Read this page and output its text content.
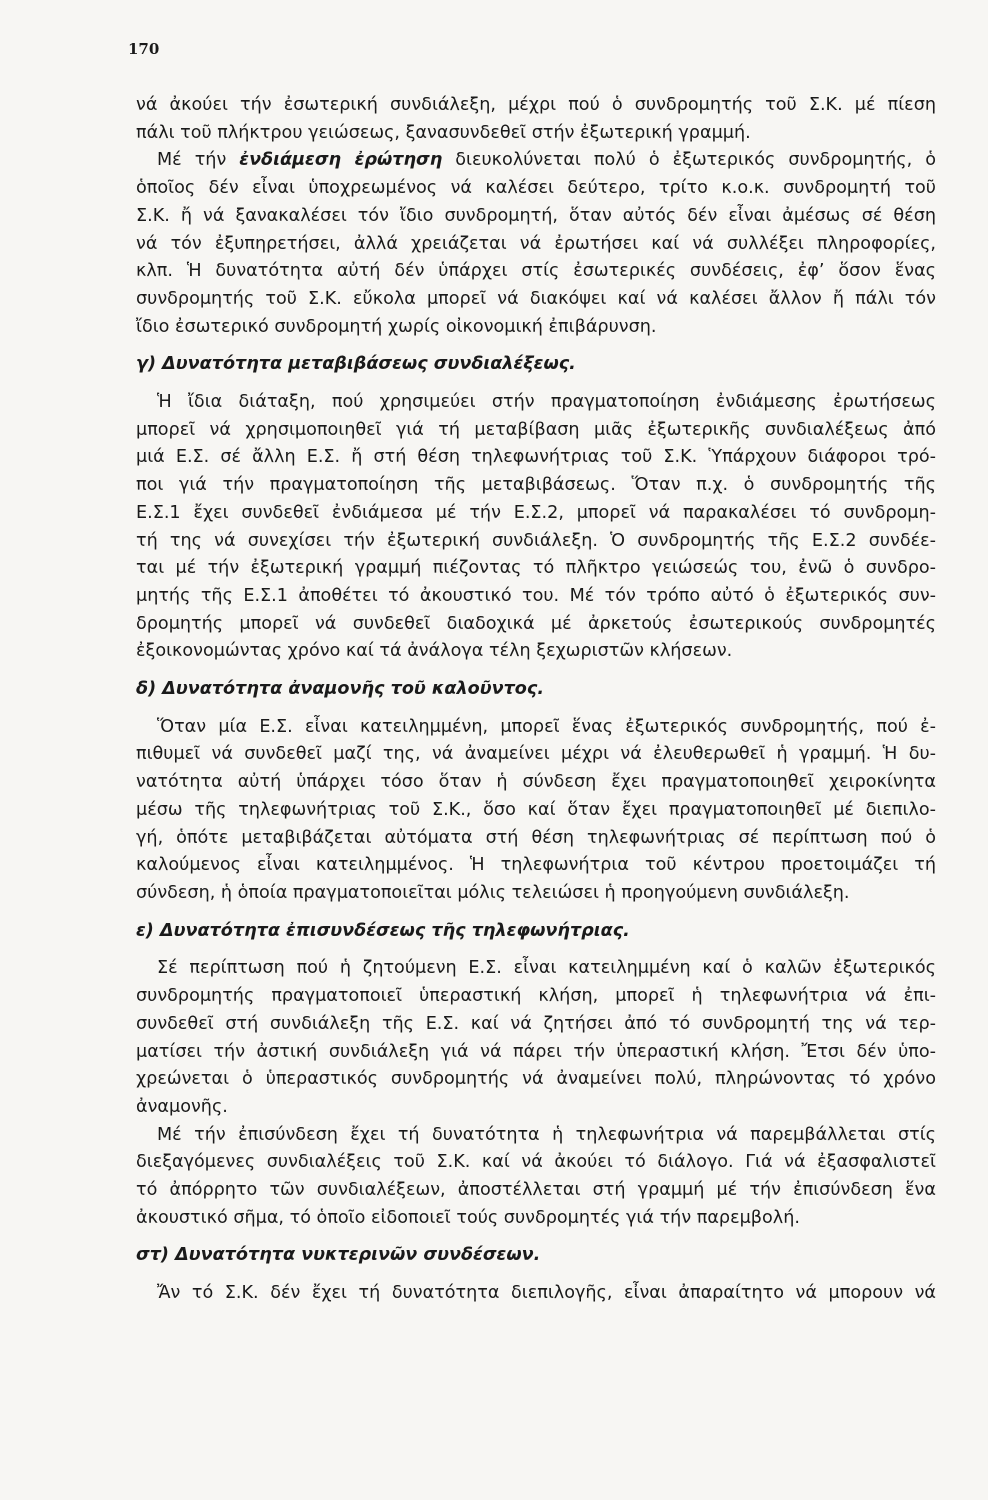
170
νά ἀκούει τήν ἐσωτερική συνδιάλεξη, μέχρι πού ὁ συνδρομητής τοῦ Σ.Κ. μέ πίεση
πάλι τοῦ πλήκτρου γειώσεως, ξανασυνδεθεῖ στήν ἐξωτερική γραμμή.
Μέ τήν ἐνδιάμεση ἐρώτηση διευκολύνεται πολύ ὁ ἐξωτερικός συνδρομητής, ὁ
ὁποῖος δέν εἶναι ὑποχρεωμένος νά καλέσει δεύτερο, τρίτο κ.ο.κ. συνδρομητή τοῦ
Σ.Κ. ἤ νά ξανακαλέσει τόν ἴδιο συνδρομητή, ὅταν αὐτός δέν εἶναι ἀμέσως σέ θέση
νά τόν ἐξυπηρετήσει, ἀλλά χρειάζεται νά ἐρωτήσει καί νά συλλέξει πληροφορίες,
κλπ. Ἡ δυνατότητα αὐτή δέν ὑπάρχει στίς ἐσωτερικές συνδέσεις, ἐφ’ ὅσον ἕνας
συνδρομητής τοῦ Σ.Κ. εὔκολα μπορεῖ νά διακόψει καί νά καλέσει ἄλλον ἤ πάλι τόν
ἴδιο ἐσωτερικό συνδρομητή χωρίς οἰκονομική ἐπιβάρυνση.
γ) Δυνατότητα μεταβιβάσεως συνδιαλέξεως.
Ἡ ἴδια διάταξη, πού χρησιμεύει στήν πραγματοποίηση ἐνδιάμεσης ἐρωτήσεως
μπορεῖ νά χρησιμοποιηθεῖ γιά τή μεταβίβαση μιᾶς ἐξωτερικῆς συνδιαλέξεως ἀπό
μιά Ε.Σ. σέ ἄλλη Ε.Σ. ἤ στή θέση τηλεφωνήτριας τοῦ Σ.Κ. Ὑπάρχουν διάφοροι τρό-
ποι γιά τήν πραγματοποίηση τῆς μεταβιβάσεως. Ὅταν π.χ. ὁ συνδρομητής τῆς
Ε.Σ.1 ἔχει συνδεθεῖ ἐνδιάμεσα μέ τήν Ε.Σ.2, μπορεῖ νά παρακαλέσει τό συνδρομη-
τή της νά συνεχίσει τήν ἐξωτερική συνδιάλεξη. Ὁ συνδρομητής τῆς Ε.Σ.2 συνδέε-
ται μέ τήν ἐξωτερική γραμμή πιέζοντας τό πλῆκτρο γειώσεώς του, ἐνῶ ὁ συνδρο-
μητής τῆς Ε.Σ.1 ἀποθέτει τό ἀκουστικό του. Μέ τόν τρόπο αὐτό ὁ ἐξωτερικός συν-
δρομητής μπορεῖ νά συνδεθεῖ διαδοχικά μέ ἀρκετούς ἐσωτερικούς συνδρομητές
ἐξοικονομώντας χρόνο καί τά ἀνάλογα τέλη ξεχωριστῶν κλήσεων.
δ) Δυνατότητα ἀναμονῆς τοῦ καλοῦντος.
Ὅταν μία Ε.Σ. εἶναι κατειλημμένη, μπορεῖ ἕνας ἐξωτερικός συνδρομητής, πού ἐ-
πιθυμεῖ νά συνδεθεῖ μαζί της, νά ἀναμείνει μέχρι νά ἐλευθερωθεῖ ἡ γραμμή. Ἡ δυ-
νατότητα αὐτή ὑπάρχει τόσο ὅταν ἡ σύνδεση ἔχει πραγματοποιηθεῖ χειροκίνητα
μέσω τῆς τηλεφωνήτριας τοῦ Σ.Κ., ὅσο καί ὅταν ἔχει πραγματοποιηθεῖ μέ διεπιλο-
γή, ὁπότε μεταβιβάζεται αὐτόματα στή θέση τηλεφωνήτριας σέ περίπτωση πού ὁ
καλούμενος εἶναι κατειλημμένος. Ἡ τηλεφωνήτρια τοῦ κέντρου προετοιμάζει τή
σύνδεση, ἡ ὁποία πραγματοποιεῖται μόλις τελειώσει ἡ προηγούμενη συνδιάλεξη.
ε) Δυνατότητα ἐπισυνδέσεως τῆς τηλεφωνήτριας.
Σέ περίπτωση πού ἡ ζητούμενη Ε.Σ. εἶναι κατειλημμένη καί ὁ καλῶν ἐξωτερικός
συνδρομητής πραγματοποιεῖ ὑπεραστική κλήση, μπορεῖ ἡ τηλεφωνήτρια νά ἐπι-
συνδεθεῖ στή συνδιάλεξη τῆς Ε.Σ. καί νά ζητήσει ἀπό τό συνδρομητή της νά τερ-
ματίσει τήν ἀστική συνδιάλεξη γιά νά πάρει τήν ὑπεραστική κλήση. Ἔτσι δέν ὑπο-
χρεώνεται ὁ ὑπεραστικός συνδρομητής νά ἀναμείνει πολύ, πληρώνοντας τό χρόνο
ἀναμονῆς.
Μέ τήν ἐπισύνδεση ἔχει τή δυνατότητα ἡ τηλεφωνήτρια νά παρεμβάλλεται στίς
διεξαγόμενες συνδιαλέξεις τοῦ Σ.Κ. καί νά ἀκούει τό διάλογο. Γιά νά ἐξασφαλιστεῖ
τό ἀπόρρητο τῶν συνδιαλέξεων, ἀποστέλλεται στή γραμμή μέ τήν ἐπισύνδεση ἕνα
ἀκουστικό σῆμα, τό ὁποῖο εἰδοποιεῖ τούς συνδρομητές γιά τήν παρεμβολή.
στ) Δυνατότητα νυκτερινῶν συνδέσεων.
Ἄν τό Σ.Κ. δέν ἔχει τή δυνατότητα διεπιλογῆς, εἶναι ἀπαραίτητο νά μπορουν νά
